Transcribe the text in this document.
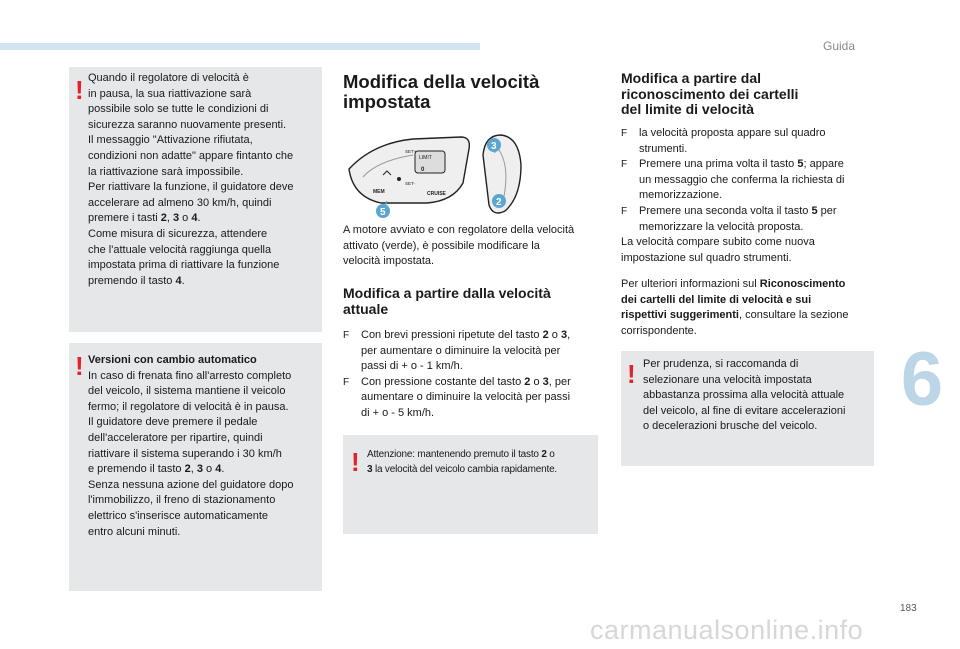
Guida
! Quando il regolatore di velocità è

in pausa, la sua riattivazione sarà

possibile solo se tutte le condizioni di

sicurezza saranno nuovamente presenti.

Il messaggio "Attivazione rifiutata,

condizioni non adatte" appare fintanto che

la riattivazione sarà impossibile.

Per riattivare la funzione, il guidatore deve

accelerare ad almeno 30 km/h, quindi

premere i tasti 2, 3 o 4.

Come misura di sicurezza, attendere

che l'attuale velocità raggiunga quella

impostata prima di riattivare la funzione

premendo il tasto 4.

! Versioni con cambio automatico

In caso di frenata fino all'arresto completo

del veicolo, il sistema mantiene il veicolo

fermo; il regolatore di velocità è in pausa.

Il guidatore deve premere il pedale

dell'acceleratore per ripartire, quindi

riattivare il sistema superando i 30 km/h

e premendo il tasto 2, 3 o 4.

Senza nessuna azione del guidatore dopo

l'immobilizzo, il freno di stazionamento

elettrico s'inserisce automaticamente

entro alcuni minuti.

Modifica della velocità
impostata
LIMIT
SET+
SET-
0
MEM	CRUISE
5
3
2

A motore avviato e con regolatore della velocità

attivato (verde), è possibile modificare la

velocità impostata.

Modifica a partire dalla velocità
attuale
F Con brevi pressioni ripetute del tasto 2 o 3,

per aumentare o diminuire la velocità per

passi di + o - 1 km/h.

F Con pressione costante del tasto 2 o 3, per

aumentare o diminuire la velocità per passi

di + o - 5 km/h.

! Attenzione: mantenendo premuto il tasto 2 o

3 la velocità del veicolo cambia rapidamente.

Modifica a partire dal
riconoscimento dei cartelli
del limite di velocità
F la velocità proposta appare sul quadro

strumenti.

F Premere una prima volta il tasto 5; appare

un messaggio che conferma la richiesta di

memorizzazione.

F Premere una seconda volta il tasto 5 per

memorizzare la velocità proposta.

La velocità compare subito come nuova

impostazione sul quadro strumenti.

Per ulteriori informazioni sul Riconoscimento

dei cartelli del limite di velocità e sui

rispettivi suggerimenti, consultare la sezione

corrispondente.

! Per prudenza, si raccomanda di

selezionare una velocità impostata

abbastanza prossima alla velocità attuale

del veicolo, al fine di evitare accelerazioni

o decelerazioni brusche del veicolo.

6
183
carmanualsonline.info
